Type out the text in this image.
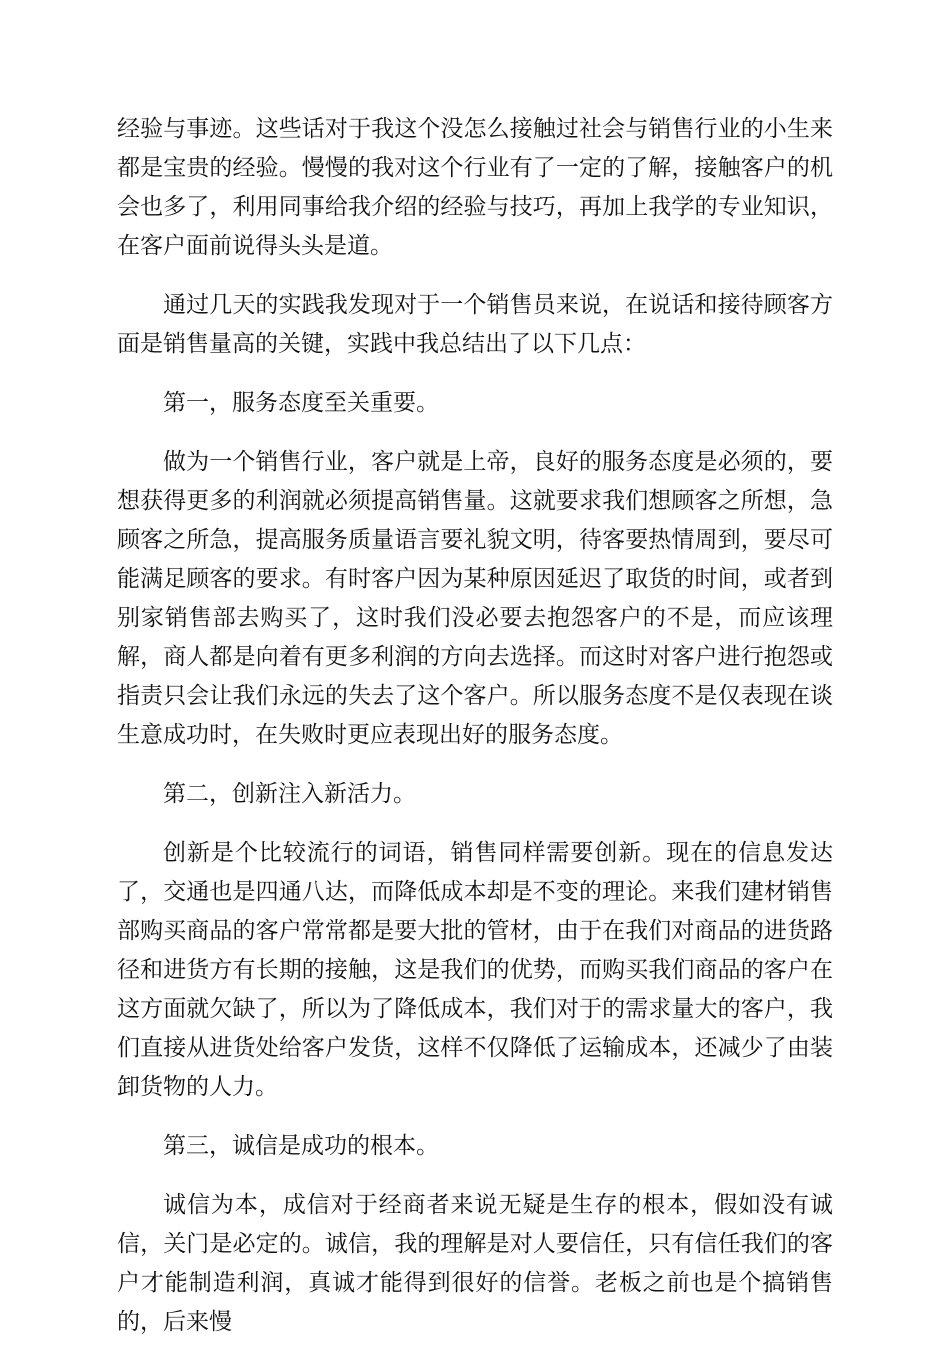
经验与事迹。这些话对于我这个没怎么接触过社会与销售行业的小生来都是宝贵的经验。慢慢的我对这个行业有了一定的了解，接触客户的机会也多了，利用同事给我介绍的经验与技巧，再加上我学的专业知识，在客户面前说得头头是道。

通过几天的实践我发现对于一个销售员来说，在说话和接待顾客方面是销售量高的关键，实践中我总结出了以下几点：

第一，服务态度至关重要。

做为一个销售行业，客户就是上帝，良好的服务态度是必须的，要想获得更多的利润就必须提高销售量。这就要求我们想顾客之所想，急顾客之所急，提高服务质量语言要礼貌文明，待客要热情周到，要尽可能满足顾客的要求。有时客户因为某种原因延迟了取货的时间，或者到别家销售部去购买了，这时我们没必要去抱怨客户的不是，而应该理解，商人都是向着有更多利润的方向去选择。而这时对客户进行抱怨或指责只会让我们永远的失去了这个客户。所以服务态度不是仅表现在谈生意成功时，在失败时更应表现出好的服务态度。

第二，创新注入新活力。

创新是个比较流行的词语，销售同样需要创新。现在的信息发达了，交通也是四通八达，而降低成本却是不变的理论。来我们建材销售部购买商品的客户常常都是要大批的管材，由于在我们对商品的进货路径和进货方有长期的接触，这是我们的优势，而购买我们商品的客户在这方面就欠缺了，所以为了降低成本，我们对于的需求量大的客户，我们直接从进货处给客户发货，这样不仅降低了运输成本，还减少了由装卸货物的人力。

第三，诚信是成功的根本。

诚信为本，成信对于经商者来说无疑是生存的根本，假如没有诚信，关门是必定的。诚信，我的理解是对人要信任，只有信任我们的客户才能制造利润，真诚才能得到很好的信誉。老板之前也是个搞销售的，后来慢
